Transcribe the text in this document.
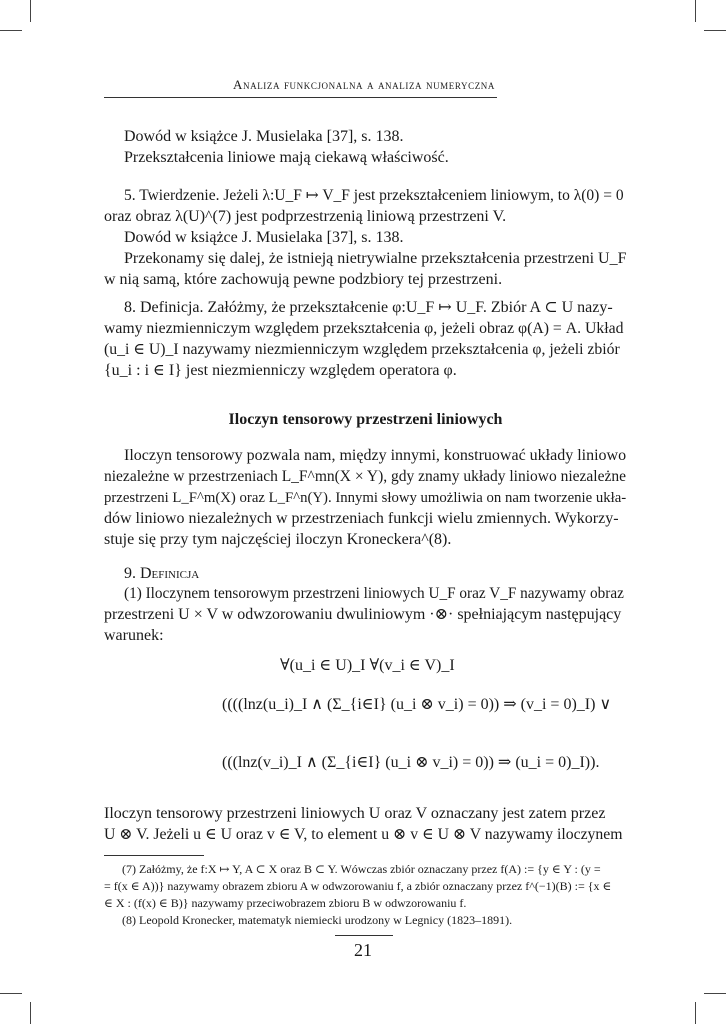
Analiza funkcjonalna a analiza numeryczna
Dowód w książce J. Musielaka [37], s. 138.
Przekształcenia liniowe mają ciekawą właściwość.
5. Twierdzenie. Jeżeli λ:U_F ↦ V_F jest przekształceniem liniowym, to λ(0) = 0
oraz obraz λ(U)^(7) jest podprzestrzenią liniową przestrzeni V.
Dowód w książce J. Musielaka [37], s. 138.
Przekonamy się dalej, że istnieją nietrywialne przekształcenia przestrzeni U_F
w nią samą, które zachowują pewne podzbiory tej przestrzeni.
8. Definicja. Załóżmy, że przekształcenie φ:U_F ↦ U_F. Zbiór A ⊂ U nazy-
wamy niezmienniczym względem przekształcenia φ, jeżeli obraz φ(A) = A. Układ
(u_i ∈ U)_I nazywamy niezmienniczym względem przekształcenia φ, jeżeli zbiór
{u_i : i ∈ I} jest niezmienniczy względem operatora φ.
Iloczyn tensorowy przestrzeni liniowych
Iloczyn tensorowy pozwala nam, między innymi, konstruować układy liniowo
niezależne w przestrzeniach L_F^mn(X × Y), gdy znamy układy liniowo niezależne
przestrzeni L_F^m(X) oraz L_F^n(Y). Innymi słowy umożliwia on nam tworzenie ukła-
dów liniowo niezależnych w przestrzeniach funkcji wielu zmiennych. Wykorzy-
stuje się przy tym najczęściej iloczyn Kroneckera^(8).
9. Definicja
(1) Iloczynem tensorowym przestrzeni liniowych U_F oraz V_F nazywamy obraz
przestrzeni U × V w odwzorowaniu dwuliniowym ·⊗· spełniającym następujący
warunek:
∀(u_i ∈ U)_I ∀(v_i ∈ V)_I
((((lnz(u_i)_I ∧ (Σ_{i∈I} (u_i ⊗ v_i) = 0)) ⇒ (v_i = 0)_I) ∨
(((lnz(v_i)_I ∧ (Σ_{i∈I} (u_i ⊗ v_i) = 0)) ⇒ (u_i = 0)_I)).
Iloczyn tensorowy przestrzeni liniowych U oraz V oznaczany jest zatem przez
U ⊗ V. Jeżeli u ∈ U oraz v ∈ V, to element u ⊗ v ∈ U ⊗ V nazywamy iloczynem
(7) Załóżmy, że f:X ↦ Y, A ⊂ X oraz B ⊂ Y. Wówczas zbiór oznaczany przez f(A) := {y ∈ Y : (y =
= f(x ∈ A))} nazywamy obrazem zbioru A w odwzorowaniu f, a zbiór oznaczany przez f^(−1)(B) := {x ∈
∈ X : (f(x) ∈ B)} nazywamy przeciwobrazem zbioru B w odwzorowaniu f.
(8) Leopold Kronecker, matematyk niemiecki urodzony w Legnicy (1823–1891).
21
